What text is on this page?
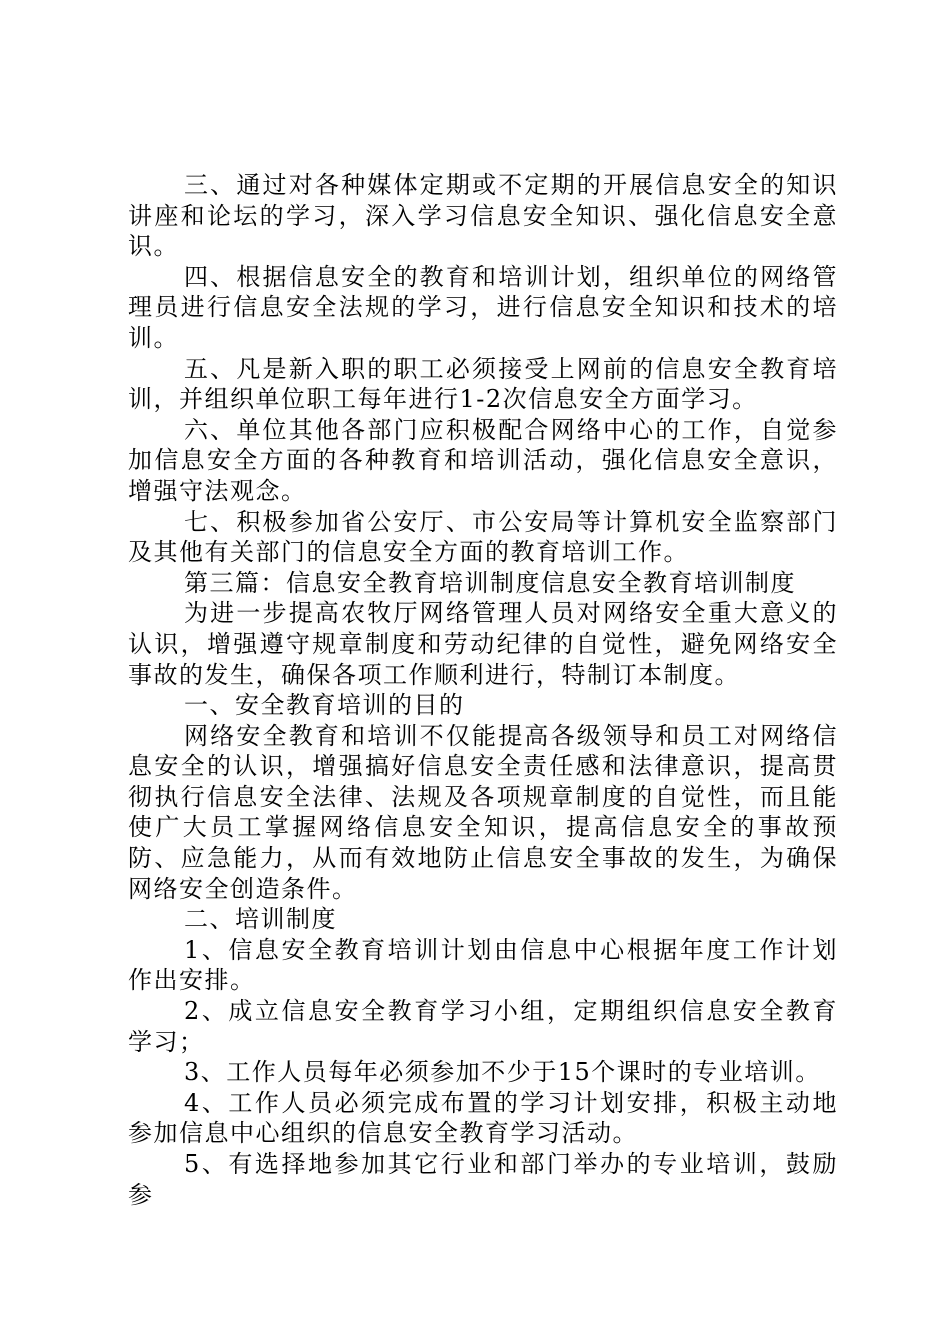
三、通过对各种媒体定期或不定期的开展信息安全的知识讲座和论坛的学习，深入学习信息安全知识、强化信息安全意识。

四、根据信息安全的教育和培训计划，组织单位的网络管理员进行信息安全法规的学习，进行信息安全知识和技术的培训。

五、凡是新入职的职工必须接受上网前的信息安全教育培训，并组织单位职工每年进行1-2次信息安全方面学习。

六、单位其他各部门应积极配合网络中心的工作，自觉参加信息安全方面的各种教育和培训活动，强化信息安全意识，增强守法观念。

七、积极参加省公安厅、市公安局等计算机安全监察部门及其他有关部门的信息安全方面的教育培训工作。

第三篇：信息安全教育培训制度信息安全教育培训制度

为进一步提高农牧厅网络管理人员对网络安全重大意义的认识，增强遵守规章制度和劳动纪律的自觉性，避免网络安全事故的发生，确保各项工作顺利进行，特制订本制度。

一、安全教育培训的目的

网络安全教育和培训不仅能提高各级领导和员工对网络信息安全的认识，增强搞好信息安全责任感和法律意识，提高贯彻执行信息安全法律、法规及各项规章制度的自觉性，而且能使广大员工掌握网络信息安全知识，提高信息安全的事故预防、应急能力，从而有效地防止信息安全事故的发生，为确保网络安全创造条件。

二、培训制度

1、信息安全教育培训计划由信息中心根据年度工作计划作出安排。

2、成立信息安全教育学习小组，定期组织信息安全教育学习；

3、工作人员每年必须参加不少于15个课时的专业培训。

4、工作人员必须完成布置的学习计划安排，积极主动地参加信息中心组织的信息安全教育学习活动。

5、有选择地参加其它行业和部门举办的专业培训，鼓励参
